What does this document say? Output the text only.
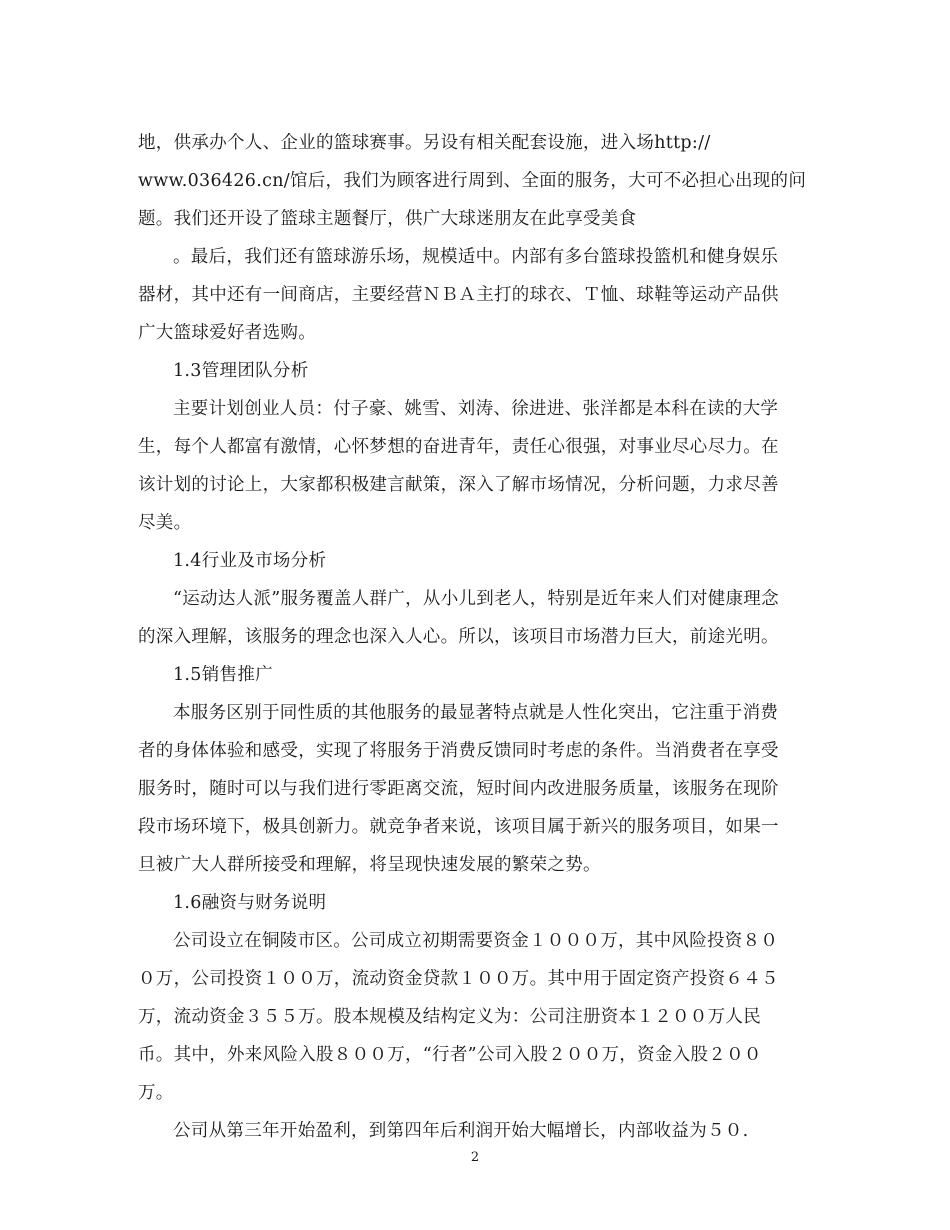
地，供承办个人、企业的篮球赛事。另设有相关配套设施，进入场http://
www.036426.cn/馆后，我们为顾客进行周到、全面的服务，大可不必担心出现的问
题。我们还开设了篮球主题餐厅，供广大球迷朋友在此享受美食
。最后，我们还有篮球游乐场，规模适中。内部有多台篮球投篮机和健身娱乐
器材，其中还有一间商店，主要经营ＮＢＡ主打的球衣、Ｔ恤、球鞋等运动产品供
广大篮球爱好者选购。
1.3管理团队分析
主要计划创业人员：付子豪、姚雪、刘涛、徐进进、张洋都是本科在读的大学
生，每个人都富有激情，心怀梦想的奋进青年，责任心很强，对事业尽心尽力。在
该计划的讨论上，大家都积极建言献策，深入了解市场情况，分析问题，力求尽善
尽美。
1.4行业及市场分析
“运动达人派”服务覆盖人群广，从小儿到老人，特别是近年来人们对健康理念
的深入理解，该服务的理念也深入人心。所以，该项目市场潜力巨大，前途光明。
1.5销售推广
本服务区别于同性质的其他服务的最显著特点就是人性化突出，它注重于消费
者的身体体验和感受，实现了将服务于消费反馈同时考虑的条件。当消费者在享受
服务时，随时可以与我们进行零距离交流，短时间内改进服务质量，该服务在现阶
段市场环境下，极具创新力。就竞争者来说，该项目属于新兴的服务项目，如果一
旦被广大人群所接受和理解，将呈现快速发展的繁荣之势。
1.6融资与财务说明
公司设立在铜陵市区。公司成立初期需要资金１０００万，其中风险投资８０
０万，公司投资１００万，流动资金贷款１００万。其中用于固定资产投资６４５
万，流动资金３５５万。股本规模及结构定义为：公司注册资本１２００万人民
币。其中，外来风险入股８００万，“行者”公司入股２００万，资金入股２００
万。
公司从第三年开始盈利，到第四年后利润开始大幅增长，内部收益为５０.
2
